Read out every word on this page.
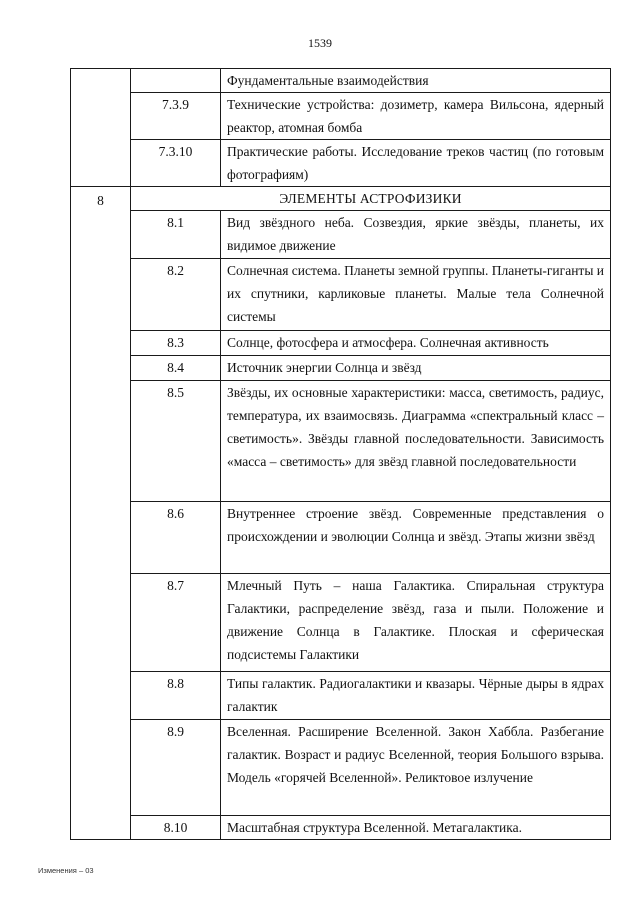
1539
		Фундаментальные взаимодействия
	7.3.9	Технические устройства: дозиметр, камера Вильсона, ядерный реактор, атомная бомба
	7.3.10	Практические работы. Исследование треков частиц (по готовым фотографиям)
8	ЭЛЕМЕНТЫ АСТРОФИЗИКИ	
	8.1	Вид звёздного неба. Созвездия, яркие звёзды, планеты, их видимое движение
	8.2	Солнечная система. Планеты земной группы. Планеты-гиганты и их спутники, карликовые планеты. Малые тела Солнечной системы
	8.3	Солнце, фотосфера и атмосфера. Солнечная активность
	8.4	Источник энергии Солнца и звёзд
	8.5	Звёзды, их основные характеристики: масса, светимость, радиус, температура, их взаимосвязь. Диаграмма «спектральный класс – светимость». Звёзды главной последовательности. Зависимость «масса – светимость» для звёзд главной последовательности
	8.6	Внутреннее строение звёзд. Современные представления о происхождении и эволюции Солнца и звёзд. Этапы жизни звёзд
	8.7	Млечный Путь – наша Галактика. Спиральная структура Галактики, распределение звёзд, газа и пыли. Положение и движение Солнца в Галактике. Плоская и сферическая подсистемы Галактики
	8.8	Типы галактик. Радиогалактики и квазары. Чёрные дыры в ядрах галактик
	8.9	Вселенная. Расширение Вселенной. Закон Хаббла. Разбегание галактик. Возраст и радиус Вселенной, теория Большого взрыва. Модель «горячей Вселенной». Реликтовое излучение
	8.10	Масштабная структура Вселенной. Метагалактика.
Изменения – 03
